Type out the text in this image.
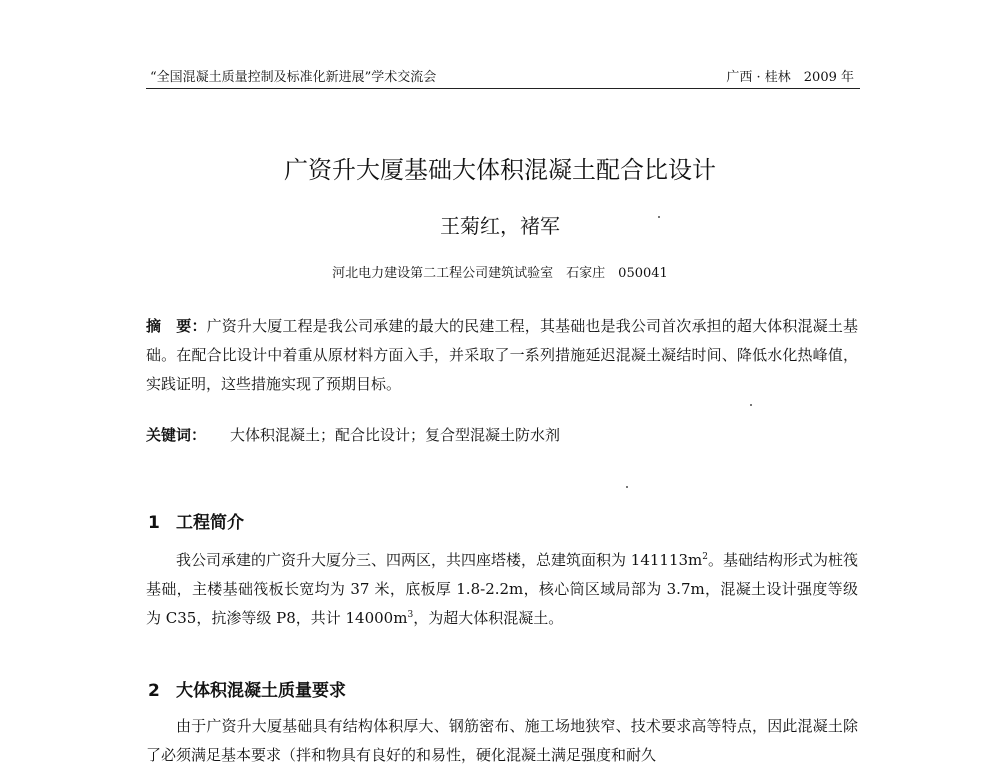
“全国混凝土质量控制及标准化新进展”学术交流会	广西 · 桂林　2009 年
广资升大厦基础大体积混凝土配合比设计
王菊红，褚军
河北电力建设第二工程公司建筑试验室　石家庄　050041
摘　要：广资升大厦工程是我公司承建的最大的民建工程，其基础也是我公司首次承担的超大体积混凝土基础。在配合比设计中着重从原材料方面入手，并采取了一系列措施延迟混凝土凝结时间、降低水化热峰值，实践证明，这些措施实现了预期目标。
关键词： 大体积混凝土；配合比设计；复合型混凝土防水剂
1 工程简介
我公司承建的广资升大厦分三、四两区，共四座塔楼，总建筑面积为 $141113m^2$。基础结构形式为桩筏基础，主楼基础筏板长宽均为 37 米，底板厚 1.8-2.2m，核心筒区域局部为 3.7m，混凝土设计强度等级为 C35，抗渗等级 P8，共计 $14000m^3$，为超大体积混凝土。
2 大体积混凝土质量要求
由于广资升大厦基础具有结构体积厚大、钢筋密布、施工场地狭窄、技术要求高等特点，因此混凝土除了必须满足基本要求（拌和物具有良好的和易性，硬化混凝土满足强度和耐久
